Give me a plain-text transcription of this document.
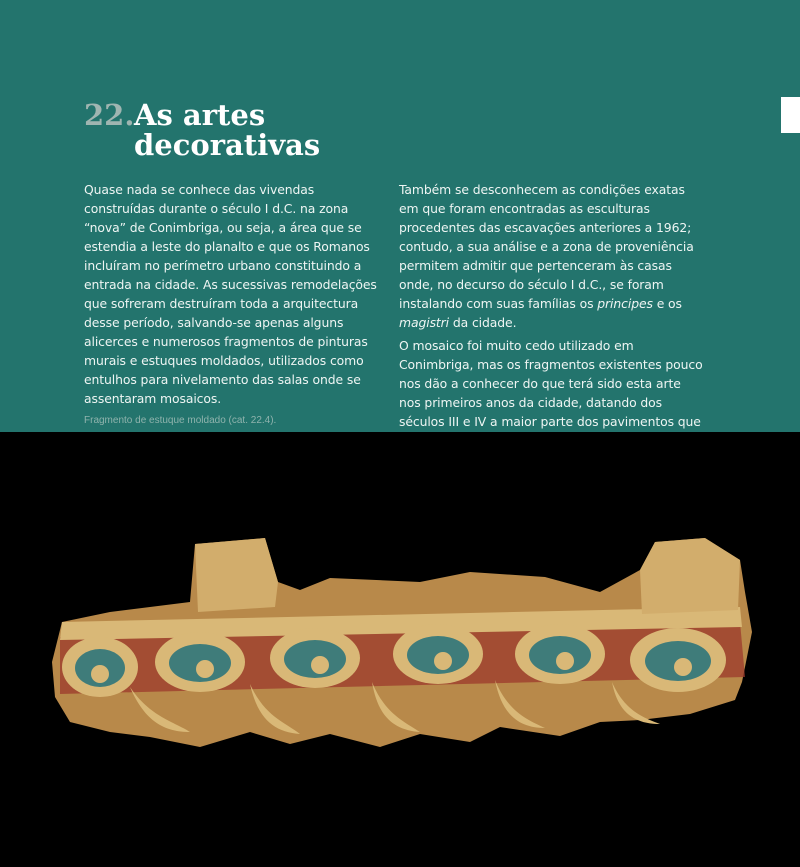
22. As artes
decorativas

Quase nada se conhece das vivendas construídas durante o século I d.C. na zona “nova” de Conimbriga, ou seja, a área que se estendia a leste do planalto e que os Romanos incluíram no perímetro urbano constituindo a entrada na cidade. As sucessivas remodelações que sofreram destruíram toda a arquitectura desse período, salvando-se apenas alguns alicerces e numerosos fragmentos de pinturas murais e estuques moldados, utilizados como entulhos para nivelamento das salas onde se assentaram mosaicos.

Também se desconhecem as condições exatas em que foram encontradas as esculturas procedentes das escavações anteriores a 1962; contudo, a sua análise e a zona de proveniência permitem admitir que pertenceram às casas onde, no decurso do século I d.C., se foram instalando com suas famílias os principes e os magistri da cidade.

O mosaico foi muito cedo utilizado em Conimbriga, mas os fragmentos existentes pouco nos dão a conhecer do que terá sido esta arte nos primeiros anos da cidade, datando dos séculos III e IV a maior parte dos pavimentos que

Fragmento de estuque moldado (cat. 22.4).
